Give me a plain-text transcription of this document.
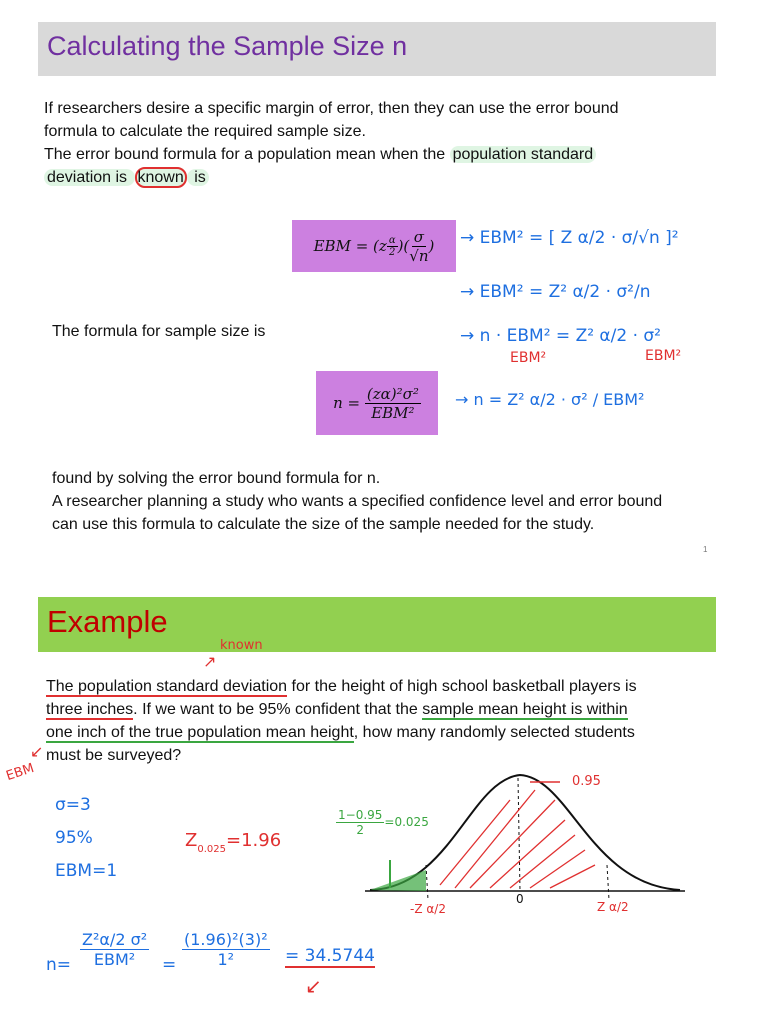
Calculating the Sample Size n
If researchers desire a specific margin of error, then they can use the error bound
formula to calculate the required sample size.
The error bound formula for a population mean when the population standard
deviation is known is
EBM = ($z \frac{\alpha}{2}$ )( $\frac{\sigma}{√n}$ )
The formula for sample size is
n =
$\frac{\text{(zα)²σ²}}{\text{EBM²}}$
→ EBM² = [ Z α/2 · σ/√n ]²
→ EBM² = Z² α/2 · σ²/n
→ n · EBM² = Z² α/2 · σ²
EBM²	EBM²
→ n = Z² α/2 · σ² / EBM²
found by solving the error bound formula for n.
A researcher planning a study who wants a specified confidence level and error bound
can use this formula to calculate the size of the sample needed for the study.
1
Example
known
↗
The population standard deviation for the height of high school basketball players is
three inches. If we want to be 95% confident that the sample mean height is within
one inch of the true population mean height, how many randomly selected students
must be surveyed?
EBM
↙
σ=3
95%
EBM=1
$Z_{0.025}=1.96$
$\frac{1-0.95}{2} =0.025$
0.95
0
-Z α/2	Z α/2
$n= \frac{\text{Z²α/2 σ²}}{\text{EBM²}} = \frac{\text{(1.96)²(3)²}}{\text{1²}} = 34.5744$
↙
